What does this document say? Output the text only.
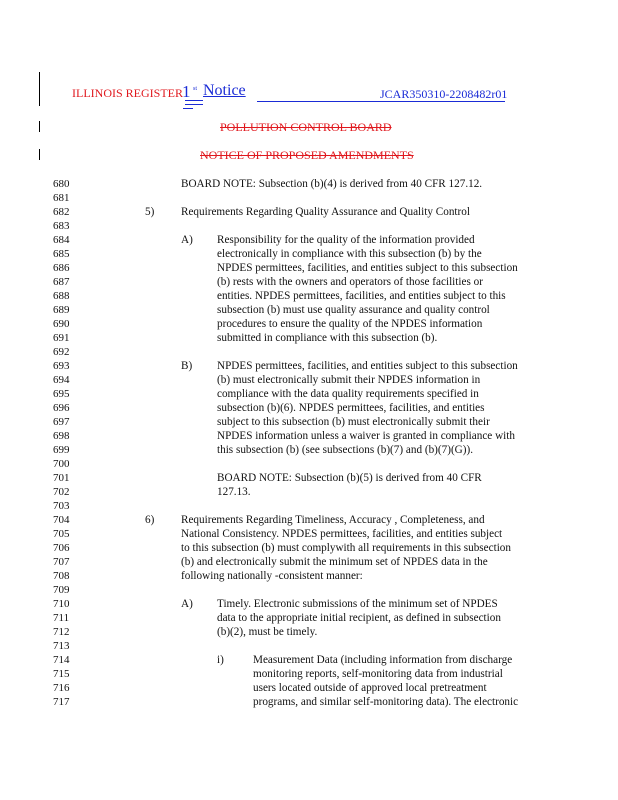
ILLINOIS REGISTER 1 st Notice	JCAR350310-2208482r01
POLLUTION CONTROL BOARD
NOTICE OF PROPOSED AMENDMENTS
680
681
682
683
684
685
686
687
688
689
690
691
692
693
694
695
696
697
698
699
700
701
702
703
704
705
706
707
708
709
710
711
712
713
714
715
716
717
BOARD NOTE: Subsection (b)(4) is derived from 40 CFR 127.12.
5) Requirements Regarding Quality Assurance and Quality Control
A) Responsibility for the quality of the information provided
electronically in compliance with this subsection (b) by the
NPDES permittees, facilities, and entities subject to this subsection
(b) rests with the owners and operators of those facilities or
entities. NPDES permittees, facilities, and entities subject to this
subsection (b) must use quality assurance and quality control
procedures to ensure the quality of the NPDES information
submitted in compliance with this subsection (b).
B) NPDES permittees, facilities, and entities subject to this subsection
(b) must electronically submit their NPDES information in
compliance with the data quality requirements specified in
subsection (b)(6). NPDES permittees, facilities, and entities
subject to this subsection (b) must electronically submit their
NPDES information unless a waiver is granted in compliance with
this subsection (b) (see subsections (b)(7) and (b)(7)(G)).
BOARD NOTE: Subsection (b)(5) is derived from 40 CFR
127.13.
6) Requirements Regarding Timeliness, Accuracy , Completeness, and
National Consistency. NPDES permittees, facilities, and entities subject
to this subsection (b) must complywith all requirements in this subsection
(b) and electronically submit the minimum set of NPDES data in the
following nationally -consistent manner:
A) Timely. Electronic submissions of the minimum set of NPDES
data to the appropriate initial recipient, as defined in subsection
(b)(2), must be timely.
i)	Measurement Data (including information from discharge
monitoring reports, self-monitoring data from industrial
users located outside of approved local pretreatment
programs, and similar self-monitoring data). The electronic
